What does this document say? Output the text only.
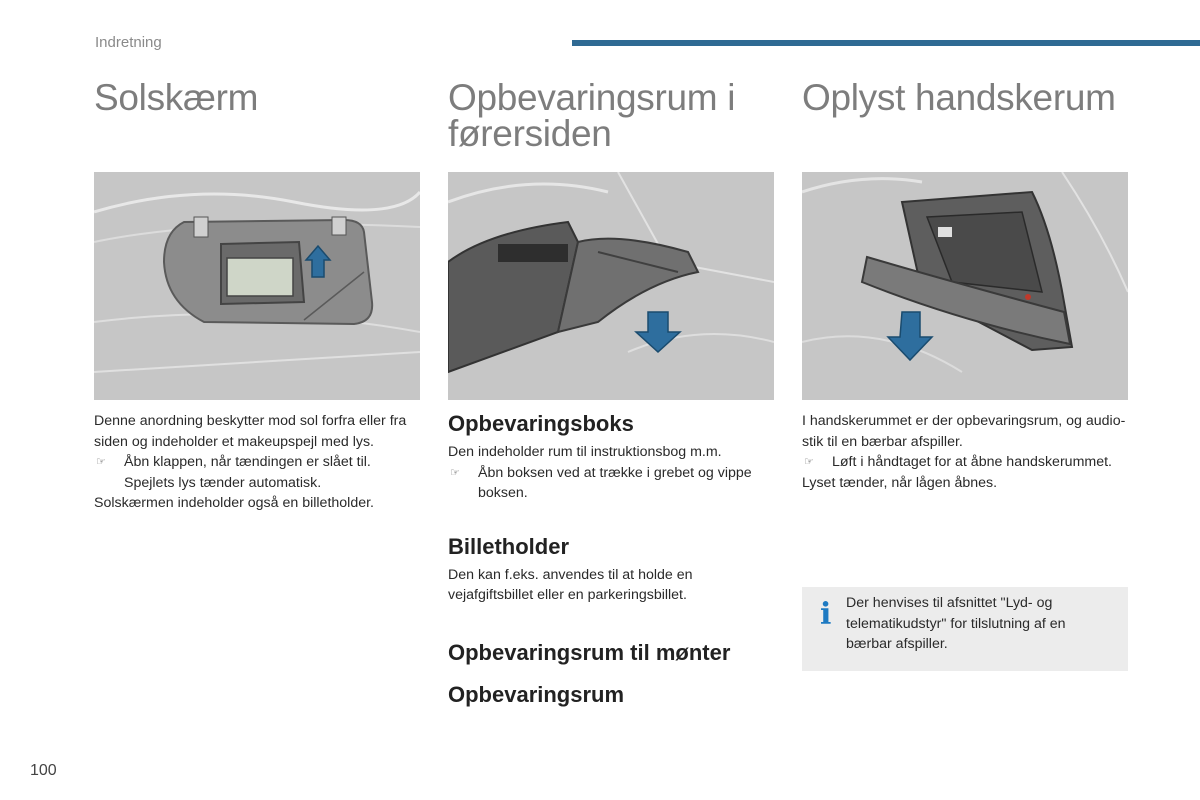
Indretning
Solskærm

Denne anordning beskytter mod sol forfra eller fra siden og indeholder et makeupspejl med lys.

☞	Åbn klappen, når tændingen er slået til. Spejlets lys tænder automatisk.

Solskærmen indeholder også en billetholder.

Opbevaringsrum i førersiden

Opbevaringsboks

Den indeholder rum til instruktionsbog m.m.

☞	Åbn boksen ved at trække i grebet og vippe boksen.

Billetholder

Den kan f.eks. anvendes til at holde en vejafgiftsbillet eller en parkeringsbillet.

Opbevaringsrum til mønter

Opbevaringsrum

Oplyst handskerum

I handskerummet er der opbevaringsrum, og audio-stik til en bærbar afspiller.

☞	Løft i håndtaget for at åbne handskerummet.

Lyset tænder, når lågen åbnes.

i Der henvises til afsnittet "Lyd- og telematikudstyr" for tilslutning af en bærbar afspiller.
100
